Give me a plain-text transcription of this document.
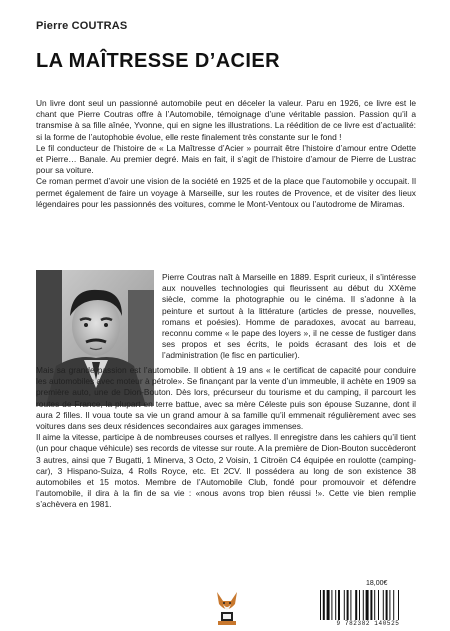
Pierre COUTRAS
LA MAÎTRESSE D’ACIER

Un livre dont seul un passionné automobile peut en déceler la valeur. Paru en 1926, ce livre est le chant que Pierre Coutras offre à l’Automobile, témoignage d’une véritable passion. Passion qu’il a transmise à sa fille aînée, Yvonne, qui en signe les illustrations. La réédition de ce livre est d’actualité: si la forme de l’autophobie évolue, elle reste finalement très constante sur le fond !

Le fil conducteur de l’histoire de « La Maîtresse d’Acier » pourrait être l’histoire d’amour entre Odette et Pierre… Banale. Au premier degré. Mais en fait, il s’agit de l’histoire d’amour de Pierre de Lustrac pour sa voiture.

Ce roman permet d’avoir une vision de la société en 1925 et de la place que l’automobile y occupait. Il permet également de faire un voyage à Marseille, sur les routes de Provence, et de visiter des lieux légendaires pour les passionnés des voitures, comme le Mont-Ventoux ou l’autodrome de Miramas.

Pierre Coutras naît à Marseille en 1889. Esprit curieux, il s’intéresse aux nouvelles technologies qui fleurissent au début du XXème siècle, comme la photographie ou le cinéma. Il s’adonne à la peinture et surtout à la littérature (articles de presse, nouvelles, romans et poésies). Homme de paradoxes, avocat au barreau, reconnu comme « le pape des loyers », il ne cesse de fustiger dans ses propos et ses écrits, le poids écrasant des lois et de l’administration (le fisc en particulier).

Mais sa grande passion est l’automobile. Il obtient à 19 ans « le certificat de capacité pour conduire les automobiles avec moteur à pétrole». Se finançant par la vente d’un immeuble, il achète en 1909 sa première auto, une de Dion-Bouton. Dès lors, précurseur du tourisme et du camping, il parcourt les routes de France, la plupart en terre battue, avec sa mère Céleste puis son épouse Suzanne, dont il aura 2 filles. Il voua toute sa vie un grand amour à sa famille qu’il emmenait régulièrement avec ses voitures dans ses deux résidences secondaires aux garages immenses.

Il aime la vitesse, participe à de nombreuses courses et rallyes. Il enregistre dans les cahiers qu’il tient (un pour chaque véhicule) ses records de vitesse sur route. A la première de Dion-Bouton succèderont 3 autres, ainsi que 7 Bugatti, 1 Minerva, 3 Octo, 2 Voisin, 1 Citroën C4 équipée en roulotte (camping-car), 3 Hispano-Suiza, 4 Rolls Royce, etc. Et 2CV. Il possédera au long de son existence 38 automobiles et 15 motos. Membre de l’Automobile Club, fondé pour promouvoir et défendre l’automobile, il dira à la fin de sa vie : «nous avons trop bien réussi !». Cette vie bien remplie s’achèvera en 1981.

18,00€
9 782382 140525
